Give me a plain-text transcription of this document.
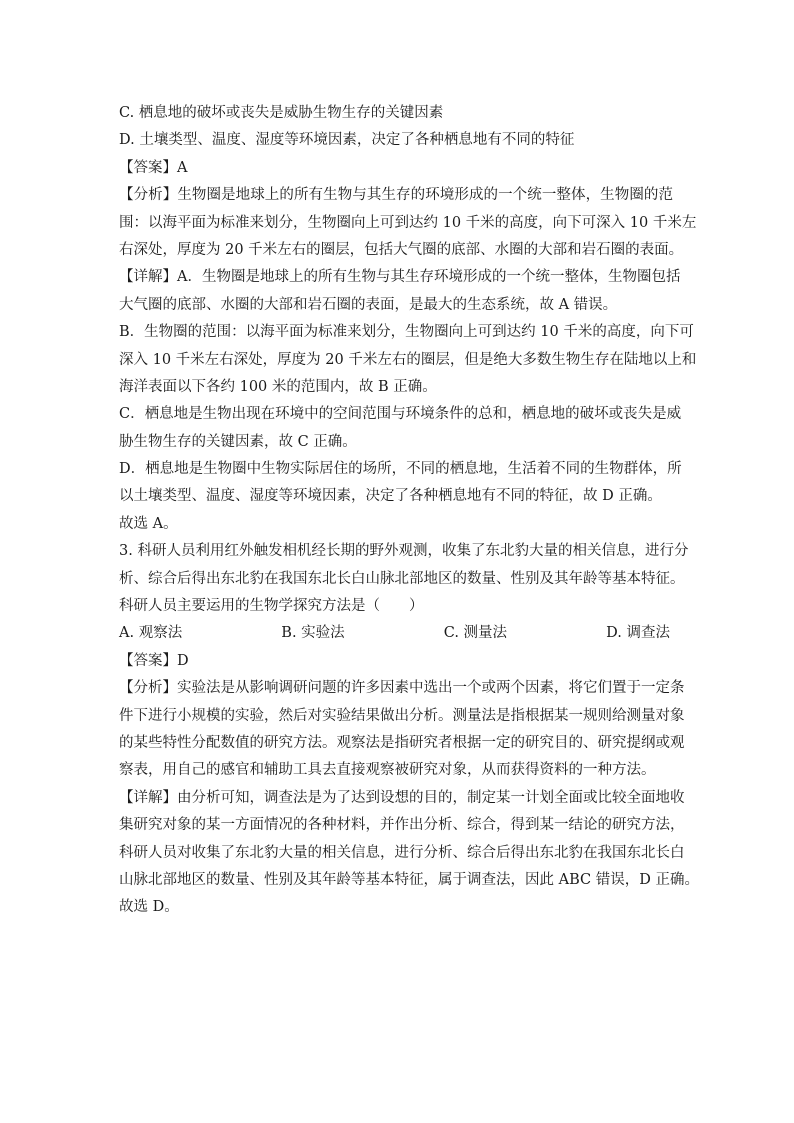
C. 栖息地的破坏或丧失是威胁生物生存的关键因素
D. 土壤类型、温度、湿度等环境因素，决定了各种栖息地有不同的特征
【答案】A
【分析】生物圈是地球上的所有生物与其生存的环境形成的一个统一整体，生物圈的范
围：以海平面为标准来划分，生物圈向上可到达约 10 千米的高度，向下可深入 10 千米左
右深处，厚度为 20 千米左右的圈层，包括大气圈的底部、水圈的大部和岩石圈的表面。
【详解】A．生物圈是地球上的所有生物与其生存环境形成的一个统一整体，生物圈包括
大气圈的底部、水圈的大部和岩石圈的表面，是最大的生态系统，故 A 错误。
B．生物圈的范围：以海平面为标准来划分，生物圈向上可到达约 10 千米的高度，向下可
深入 10 千米左右深处，厚度为 20 千米左右的圈层，但是绝大多数生物生存在陆地以上和
海洋表面以下各约 100 米的范围内，故 B 正确。
C．栖息地是生物出现在环境中的空间范围与环境条件的总和，栖息地的破坏或丧失是威
胁生物生存的关键因素，故 C 正确。
D．栖息地是生物圈中生物实际居住的场所，不同的栖息地，生活着不同的生物群体，所
以土壤类型、温度、湿度等环境因素，决定了各种栖息地有不同的特征，故 D 正确。
故选 A。
3. 科研人员利用红外触发相机经长期的野外观测，收集了东北豹大量的相关信息，进行分
析、综合后得出东北豹在我国东北长白山脉北部地区的数量、性别及其年龄等基本特征。
科研人员主要运用的生物学探究方法是（　　）
A. 观察法	B. 实验法	C. 测量法	D. 调查法
【答案】D
【分析】实验法是从影响调研问题的许多因素中选出一个或两个因素，将它们置于一定条
件下进行小规模的实验，然后对实验结果做出分析。测量法是指根据某一规则给测量对象
的某些特性分配数值的研究方法。观察法是指研究者根据一定的研究目的、研究提纲或观
察表，用自己的感官和辅助工具去直接观察被研究对象，从而获得资料的一种方法。
【详解】由分析可知，调查法是为了达到设想的目的，制定某一计划全面或比较全面地收
集研究对象的某一方面情况的各种材料，并作出分析、综合，得到某一结论的研究方法，
科研人员对收集了东北豹大量的相关信息，进行分析、综合后得出东北豹在我国东北长白
山脉北部地区的数量、性别及其年龄等基本特征，属于调查法，因此 ABC 错误，D 正确。
故选 D。
